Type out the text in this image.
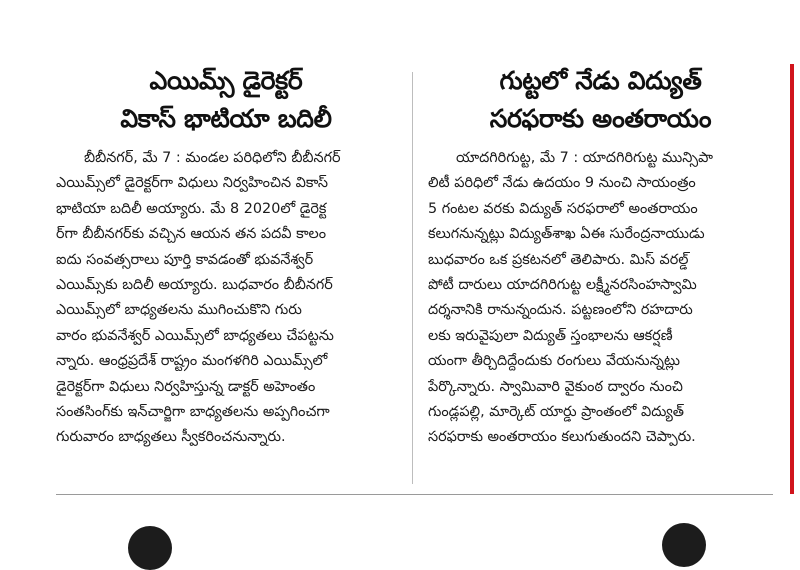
ఎయిమ్స్‌ డైరెక్టర్‌
వికాస్‌ భాటియా బదిలీ
బీబీనగర్‌, మే 7 : మండల పరిధిలోని బీబీనగర్‌
ఎయిమ్స్‌లో డైరెక్టర్‌గా విధులు నిర్వహించిన వికాస్‌
భాటియా బదిలీ అయ్యారు. మే 8 2020లో డైరెక్ట
ర్‌గా బీబీనగర్‌కు వచ్చిన ఆయన తన పదవీ కాలం
ఐదు సంవత్సరాలు పూర్తి కావడంతో భువనేశ్వర్‌
ఎయిమ్స్‌కు బదిలీ అయ్యారు. బుధవారం బీబీనగర్‌
ఎయిమ్స్‌లో బాధ్యతలను ముగించుకొని గురు
వారం భువనేశ్వర్‌ ఎయిమ్స్‌లో బాధ్యతలు చేపట్టను
న్నారు. ఆంధ్రప్రదేశ్‌ రాష్ట్రం మంగళగిరి ఎయిమ్స్‌లో
డైరెక్టర్‌గా విధులు నిర్వహిస్తున్న డాక్టర్‌ అహెంతం
సంతసింగ్‌కు ఇన్‌చార్జిగా బాధ్యతలను అప్పగించగా
గురువారం బాధ్యతలు స్వీకరించనున్నారు.
గుట్టలో నేడు విద్యుత్‌
సరఫరాకు అంతరాయం
యాదగిరిగుట్ట, మే 7 : యాదగిరిగుట్ట మున్సిపా
లిటీ పరిధిలో నేడు ఉదయం 9 నుంచి సాయంత్రం
5 గంటల వరకు విద్యుత్‌ సరఫరాలో అంతరాయం
కలుగనున్నట్లు విద్యుత్‌శాఖ ఏఈ సురేంద్రనాయుడు
బుధవారం ఒక ప్రకటనలో తెలిపారు. మిస్‌ వరల్డ్‌
పోటీ దారులు యాదగిరిగుట్ట లక్ష్మీనరసింహస్వామి
దర్శనానికి రానున్నందున. పట్టణంలోని రహదారు
లకు ఇరువైపులా విద్యుత్‌ స్తంభాలను ఆకర్షణీ
యంగా తీర్చిదిద్దేందుకు రంగులు వేయనున్నట్లు
పేర్కొన్నారు. స్వామివారి వైకుంఠ ద్వారం నుంచి
గుండ్లపల్లి, మార్కెట్‌ యార్డు ప్రాంతంలో విద్యుత్‌
సరఫరాకు అంతరాయం కలుగుతుందని చెప్పారు.
